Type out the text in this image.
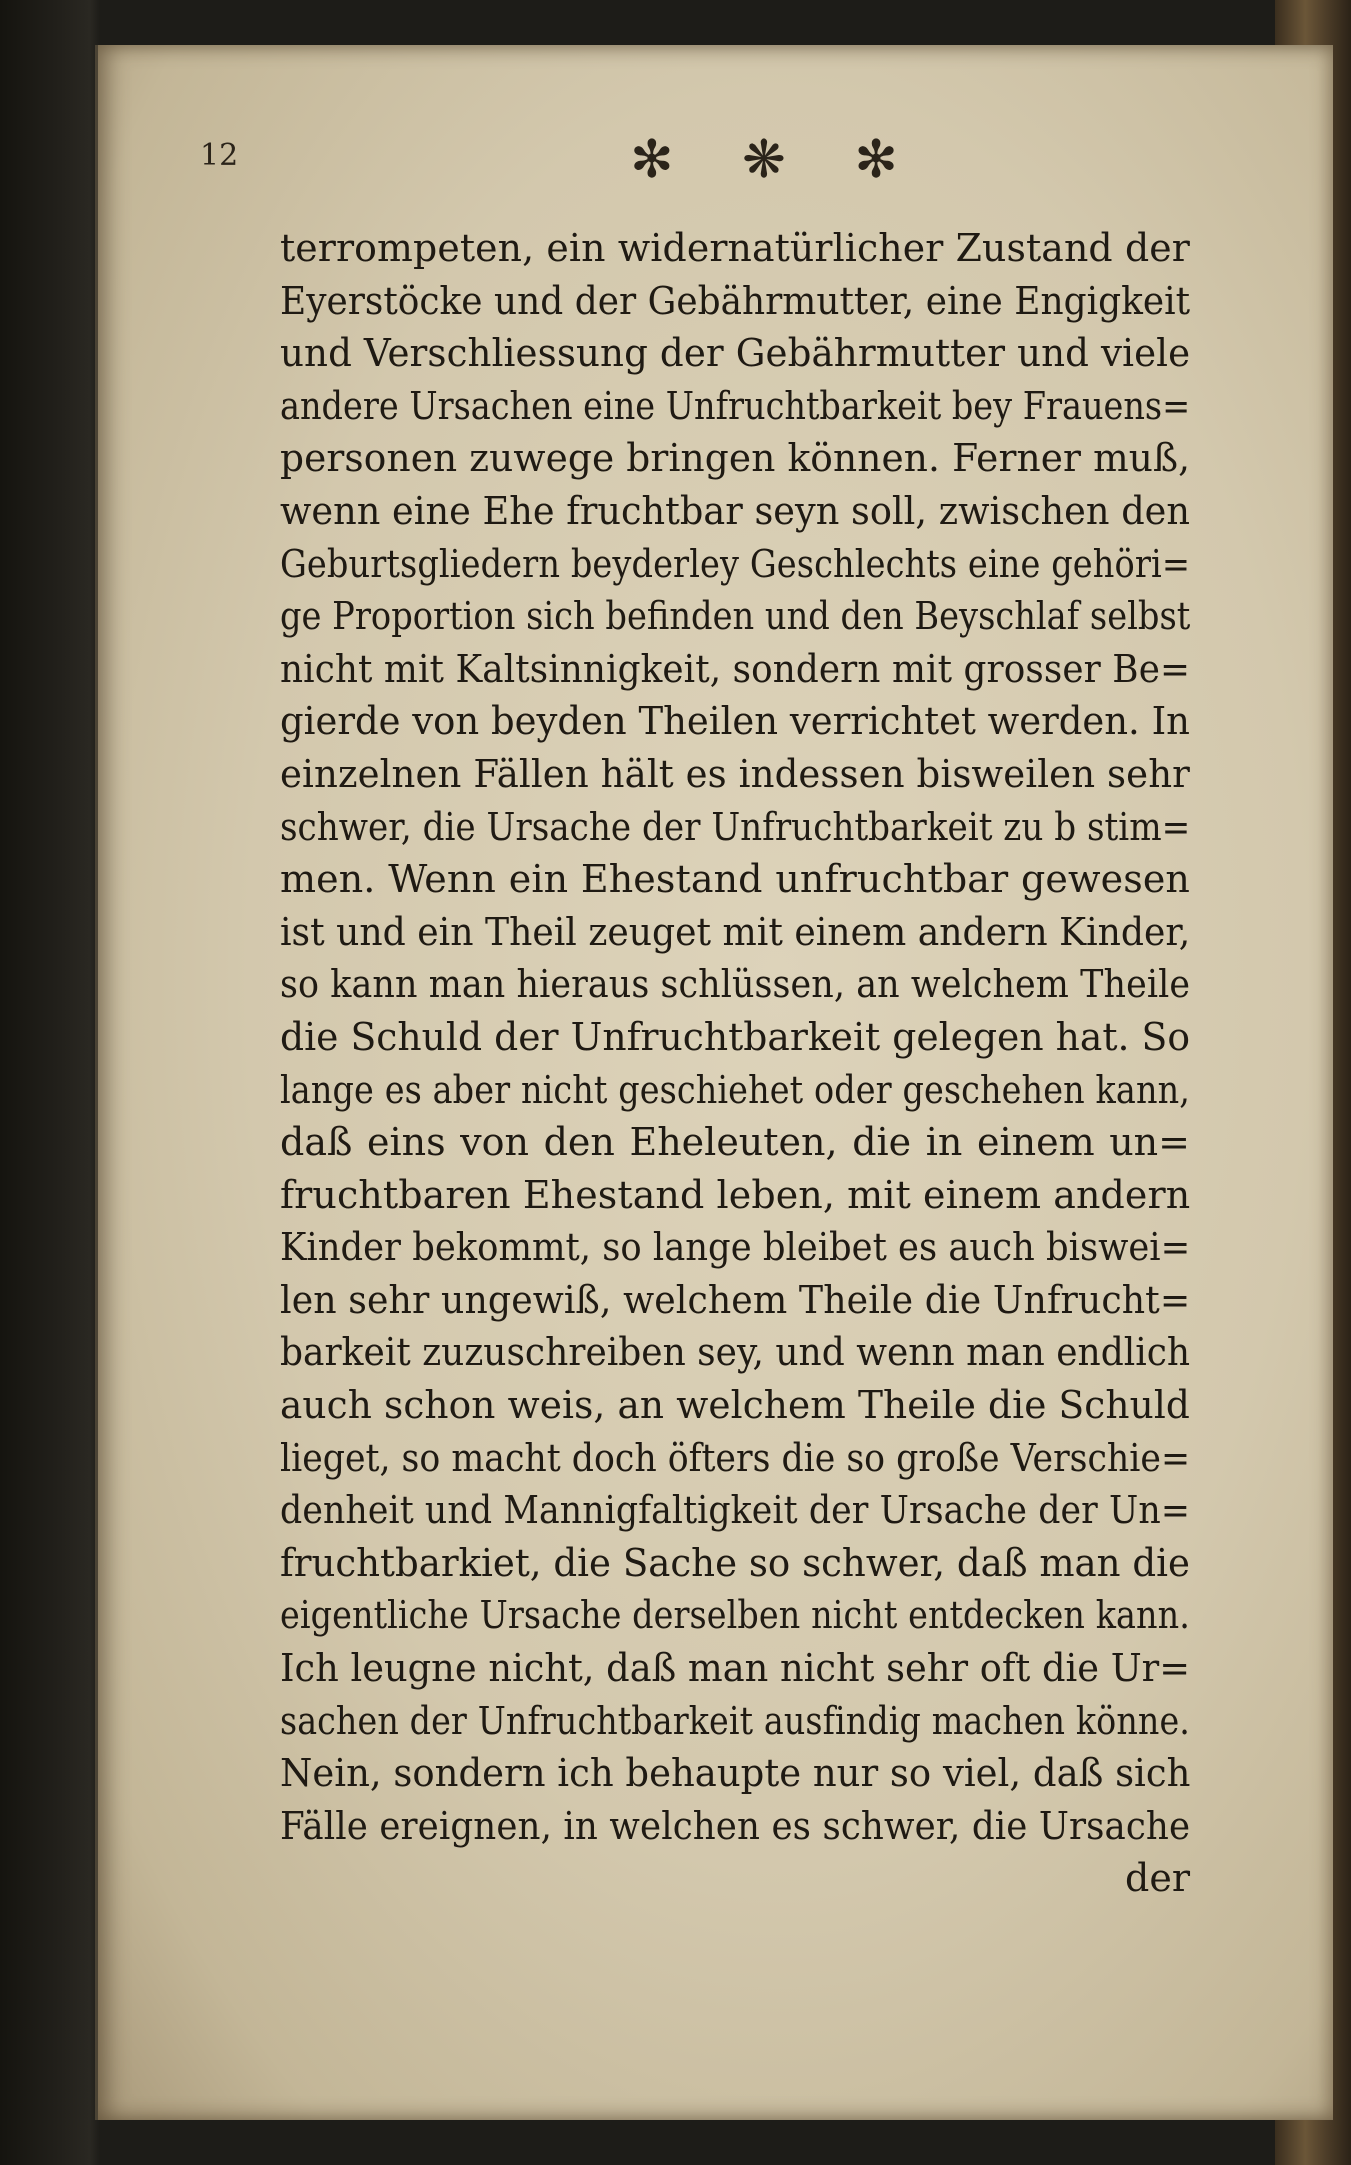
12	✻ ❋ ✻
terrompeten, ein widernatürlicher Zustand der
Eyerstöcke und der Gebährmutter, eine Engigkeit
und Verschliessung der Gebährmutter und viele
andere Ursachen eine Unfruchtbarkeit bey Frauens=
personen zuwege bringen können. Ferner muß,
wenn eine Ehe fruchtbar seyn soll, zwischen den
Geburtsgliedern beyderley Geschlechts eine gehöri=
ge Proportion sich befinden und den Beyschlaf selbst
nicht mit Kaltsinnigkeit, sondern mit grosser Be=
gierde von beyden Theilen verrichtet werden. In
einzelnen Fällen hält es indessen bisweilen sehr
schwer, die Ursache der Unfruchtbarkeit zu b stim=
men. Wenn ein Ehestand unfruchtbar gewesen
ist und ein Theil zeuget mit einem andern Kinder,
so kann man hieraus schlüssen, an welchem Theile
die Schuld der Unfruchtbarkeit gelegen hat. So
lange es aber nicht geschiehet oder geschehen kann,
daß eins von den Eheleuten, die in einem un=
fruchtbaren Ehestand leben, mit einem andern
Kinder bekommt, so lange bleibet es auch biswei=
len sehr ungewiß, welchem Theile die Unfrucht=
barkeit zuzuschreiben sey, und wenn man endlich
auch schon weis, an welchem Theile die Schuld
lieget, so macht doch öfters die so große Verschie=
denheit und Mannigfaltigkeit der Ursache der Un=
fruchtbarkiet, die Sache so schwer, daß man die
eigentliche Ursache derselben nicht entdecken kann.
Ich leugne nicht, daß man nicht sehr oft die Ur=
sachen der Unfruchtbarkeit ausfindig machen könne.
Nein, sondern ich behaupte nur so viel, daß sich
Fälle ereignen, in welchen es schwer, die Ursache
der
